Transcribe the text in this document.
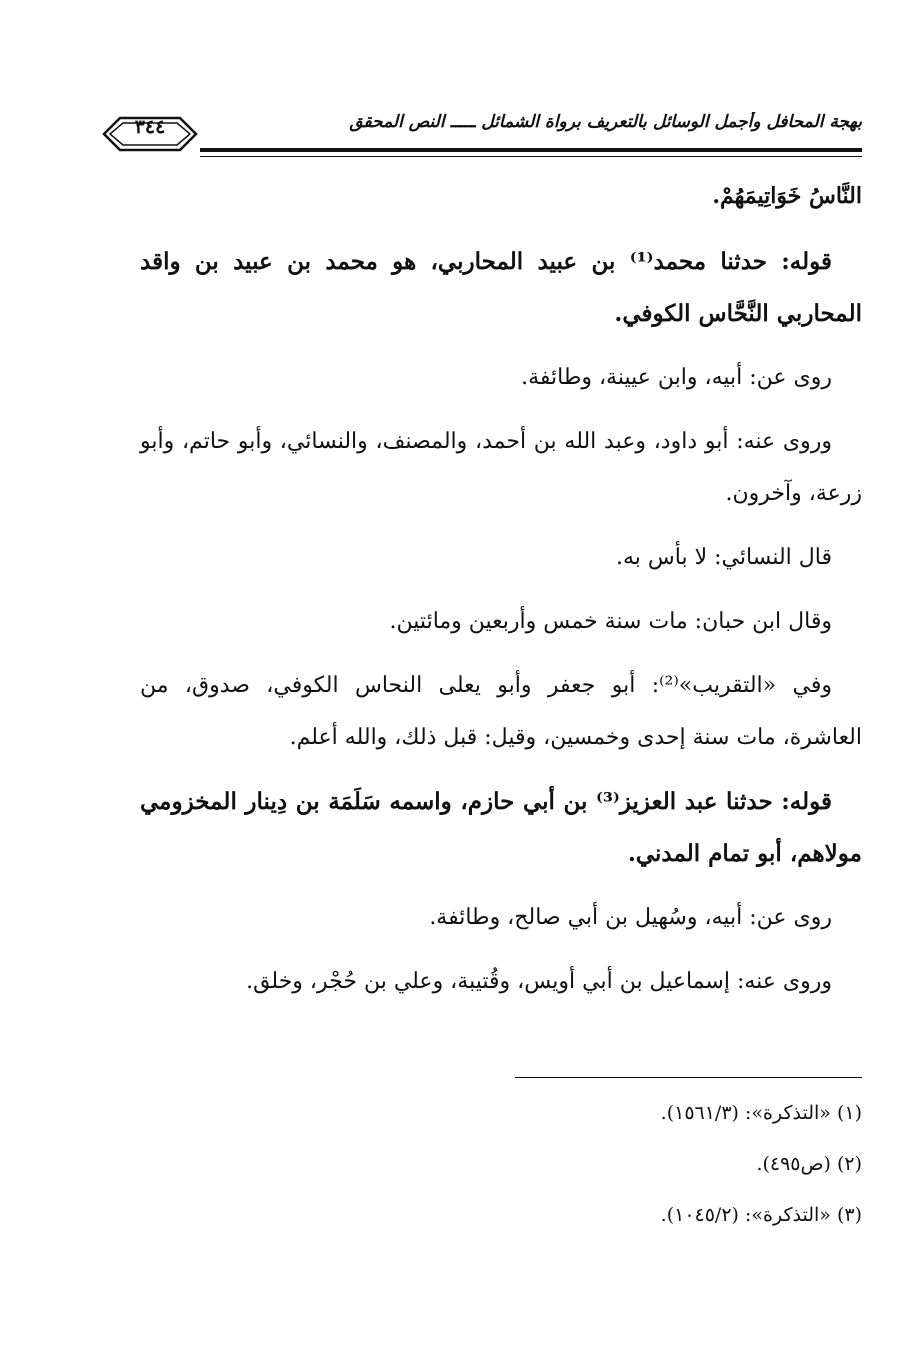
بهجة المحافل وأجمل الوسائل بالتعريف برواة الشمائل ـــــ النص المحقق
٣٤٤

النَّاسُ خَوَاتِيمَهُمْ.

قوله: حدثنا محمد⁽¹⁾ بن عبيد المحاربي، هو محمد بن عبيد بن واقد المحاربي النَّحَّاس الكوفي.

روى عن: أبيه، وابن عيينة، وطائفة.

وروى عنه: أبو داود، وعبد الله بن أحمد، والمصنف، والنسائي، وأبو حاتم، وأبو زرعة، وآخرون.

قال النسائي: لا بأس به.

وقال ابن حبان: مات سنة خمس وأربعين ومائتين.

وفي «التقريب»⁽²⁾: أبو جعفر وأبو يعلى النحاس الكوفي، صدوق، من العاشرة، مات سنة إحدى وخمسين، وقيل: قبل ذلك، والله أعلم.

قوله: حدثنا عبد العزيز⁽³⁾ بن أبي حازم، واسمه سَلَمَة بن دِينار المخزومي مولاهم، أبو تمام المدني.

روى عن: أبيه، وسُهيل بن أبي صالح، وطائفة.

وروى عنه: إسماعيل بن أبي أويس، وقُتيبة، وعلي بن حُجْر، وخلق.

(١) «التذكرة»: (١٥٦١/٣).

(٢) (ص٤٩٥).

(٣) «التذكرة»: (١٠٤٥/٢).
